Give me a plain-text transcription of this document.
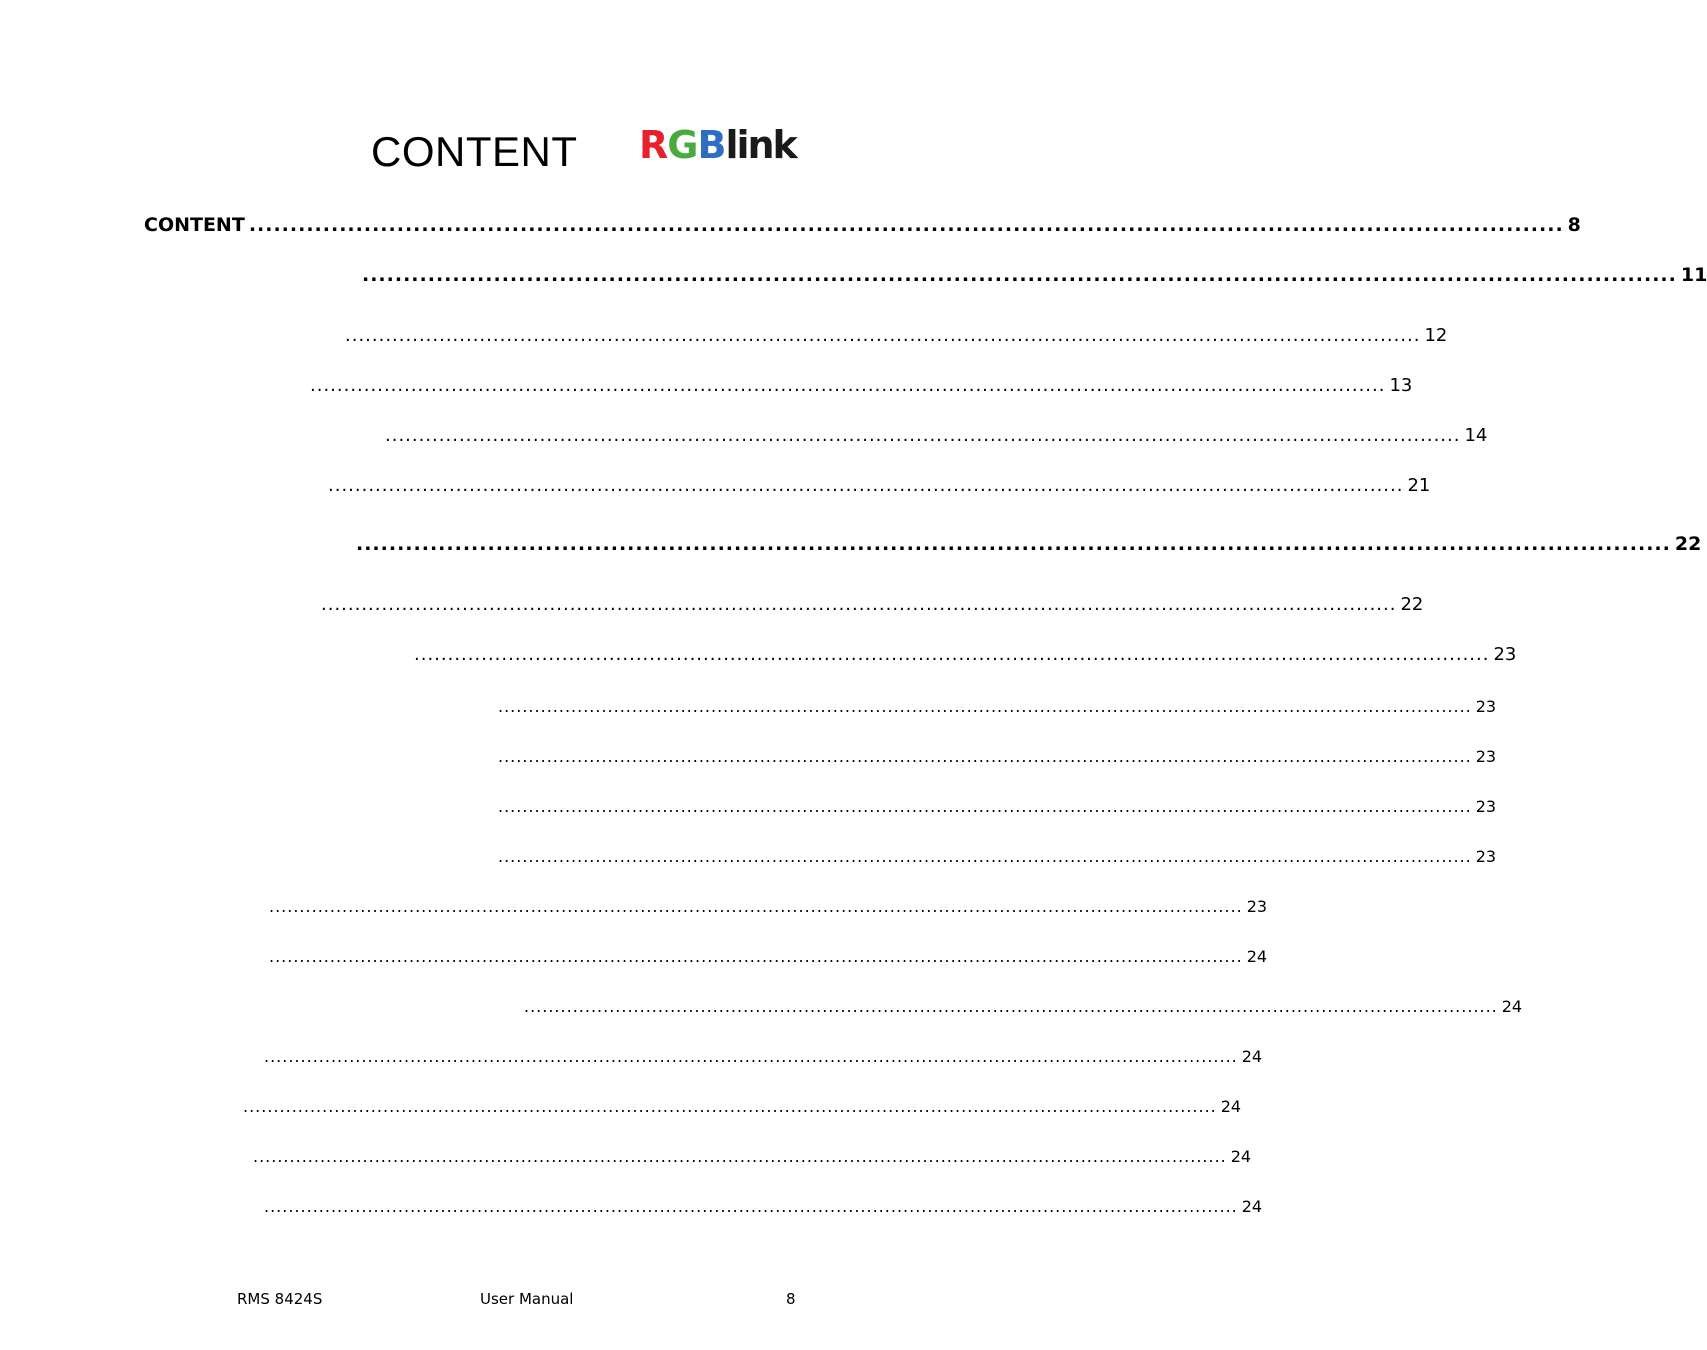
CONTENT R G B link
CONTENT ................................................................................................................................................................ 8
................................................................................................................................................................ 11
................................................................................................................................................................ 12
................................................................................................................................................................ 13
................................................................................................................................................................ 14
................................................................................................................................................................ 21
................................................................................................................................................................ 22
................................................................................................................................................................ 22
................................................................................................................................................................ 23
................................................................................................................................................................ 23
................................................................................................................................................................ 23
................................................................................................................................................................ 23
................................................................................................................................................................ 23
................................................................................................................................................................ 23
................................................................................................................................................................ 24
................................................................................................................................................................ 24
................................................................................................................................................................ 24
................................................................................................................................................................ 24
................................................................................................................................................................ 24
................................................................................................................................................................ 24
RMS 8424S	User Manual	8
